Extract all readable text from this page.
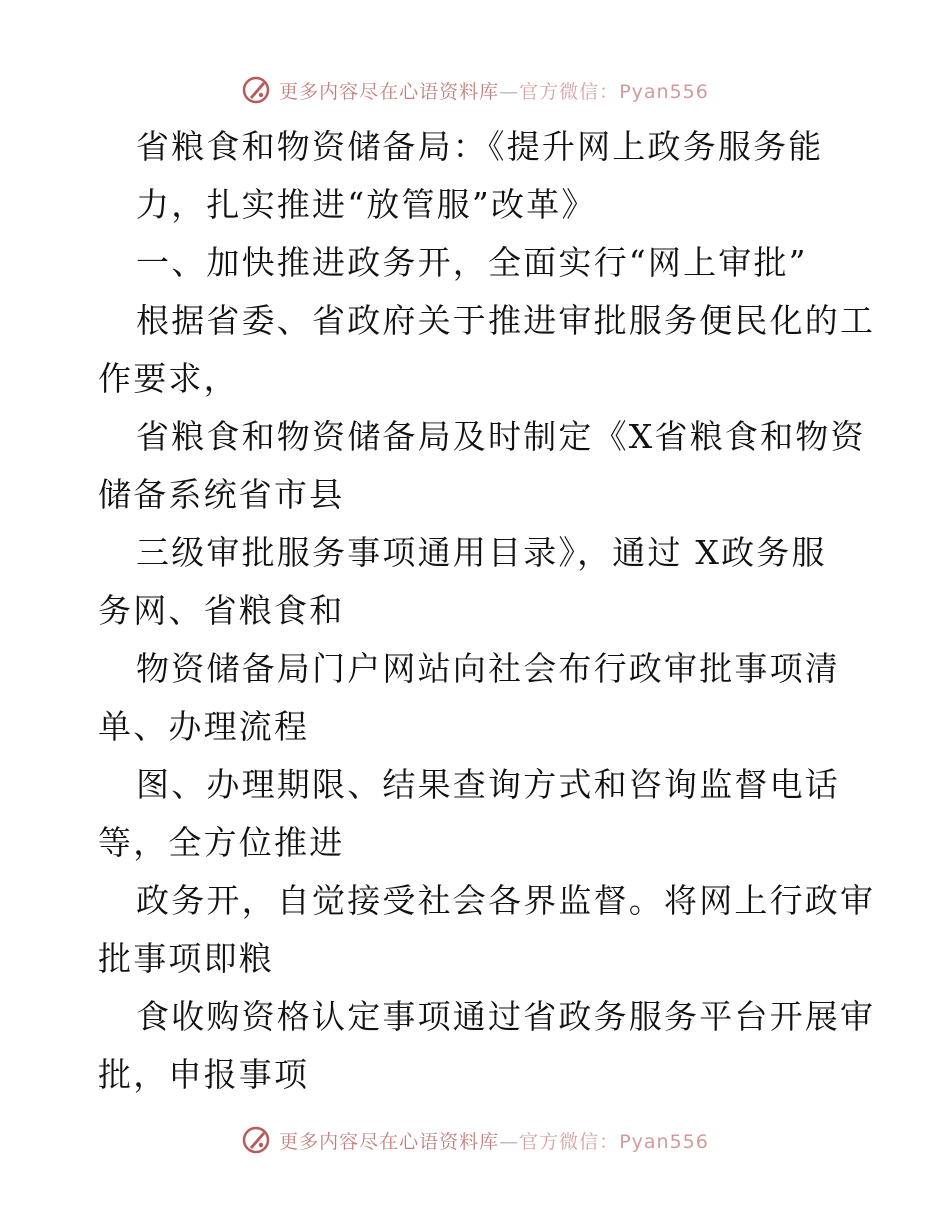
更多内容尽在心语资料库—官方微信：Pyan556
省粮食和物资储备局：《提升网上政务服务能
力，扎实推进“放管服”改革》
一、加快推进政务开，全面实行“网上审批”
根据省委、省政府关于推进审批服务便民化的工
作要求，
省粮食和物资储备局及时制定《X省粮食和物资
储备系统省市县
三级审批服务事项通用目录》，通过 X政务服
务网、省粮食和
物资储备局门户网站向社会布行政审批事项清
单、办理流程
图、办理期限、结果查询方式和咨询监督电话
等，全方位推进
政务开，自觉接受社会各界监督。将网上行政审
批事项即粮
食收购资格认定事项通过省政务服务平台开展审
批，申报事项
更多内容尽在心语资料库—官方微信：Pyan556
